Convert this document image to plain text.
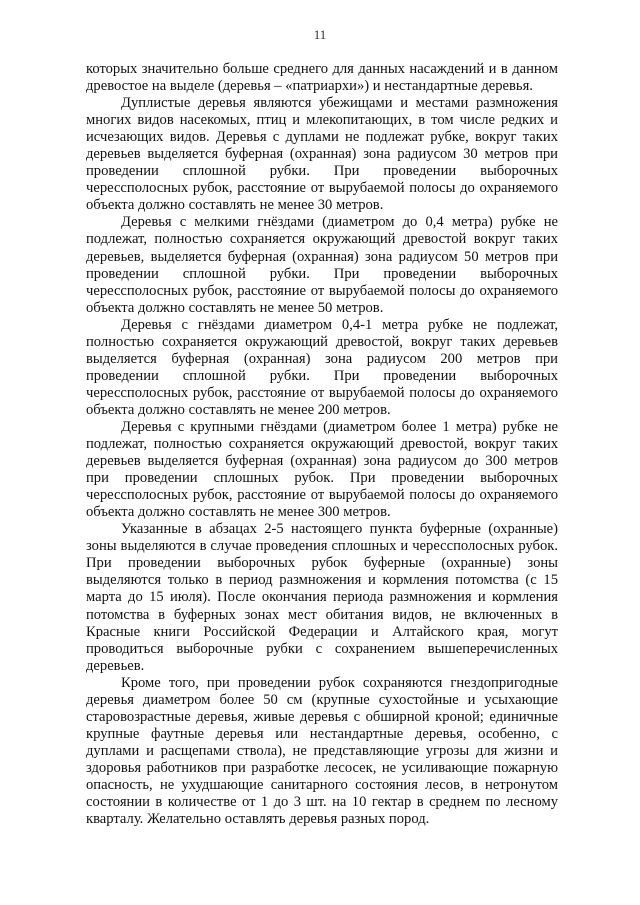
11

которых значительно больше среднего для данных насаждений и в данном древостое на выделе (деревья – «патриархи») и нестандартные деревья.

Дуплистые деревья являются убежищами и местами размножения многих видов насекомых, птиц и млекопитающих, в том числе редких и исчезающих видов. Деревья с дуплами не подлежат рубке, вокруг таких деревьев выделяется буферная (охранная) зона радиусом 30 метров при проведении сплошной рубки. При проведении выборочных черессполосных рубок, расстояние от вырубаемой полосы до охраняемого объекта должно составлять не менее 30 метров.

Деревья с мелкими гнёздами (диаметром до 0,4 метра) рубке не подлежат, полностью сохраняется окружающий древостой вокруг таких деревьев, выделяется буферная (охранная) зона радиусом 50 метров при проведении сплошной рубки. При проведении выборочных черессполосных рубок, расстояние от вырубаемой полосы до охраняемого объекта должно составлять не менее 50 метров.

Деревья с гнёздами диаметром 0,4-1 метра рубке не подлежат, полностью сохраняется окружающий древостой, вокруг таких деревьев выделяется буферная (охранная) зона радиусом 200 метров при проведении сплошной рубки. При проведении выборочных черессполосных рубок, расстояние от вырубаемой полосы до охраняемого объекта должно составлять не менее 200 метров.

Деревья с крупными гнёздами (диаметром более 1 метра) рубке не подлежат, полностью сохраняется окружающий древостой, вокруг таких деревьев выделяется буферная (охранная) зона радиусом до 300 метров при проведении сплошных рубок. При проведении выборочных черессполосных рубок, расстояние от вырубаемой полосы до охраняемого объекта должно составлять не менее 300 метров.

Указанные в абзацах 2-5 настоящего пункта буферные (охранные) зоны выделяются в случае проведения сплошных и черессполосных рубок. При проведении выборочных рубок буферные (охранные) зоны выделяются только в период размножения и кормления потомства (с 15 марта до 15 июля). После окончания периода размножения и кормления потомства в буферных зонах мест обитания видов, не включенных в Красные книги Российской Федерации и Алтайского края, могут проводиться выборочные рубки с сохранением вышеперечисленных деревьев.

Кроме того, при проведении рубок сохраняются гнездопригодные деревья диаметром более 50 см (крупные сухостойные и усыхающие старовозрастные деревья, живые деревья с обширной кроной; единичные крупные фаутные деревья или нестандартные деревья, особенно, с дуплами и расщепами ствола), не представляющие угрозы для жизни и здоровья работников при разработке лесосек, не усиливающие пожарную опасность, не ухудшающие санитарного состояния лесов, в нетронутом состоянии в количестве от 1 до 3 шт. на 10 гектар в среднем по лесному кварталу. Желательно оставлять деревья разных пород.
